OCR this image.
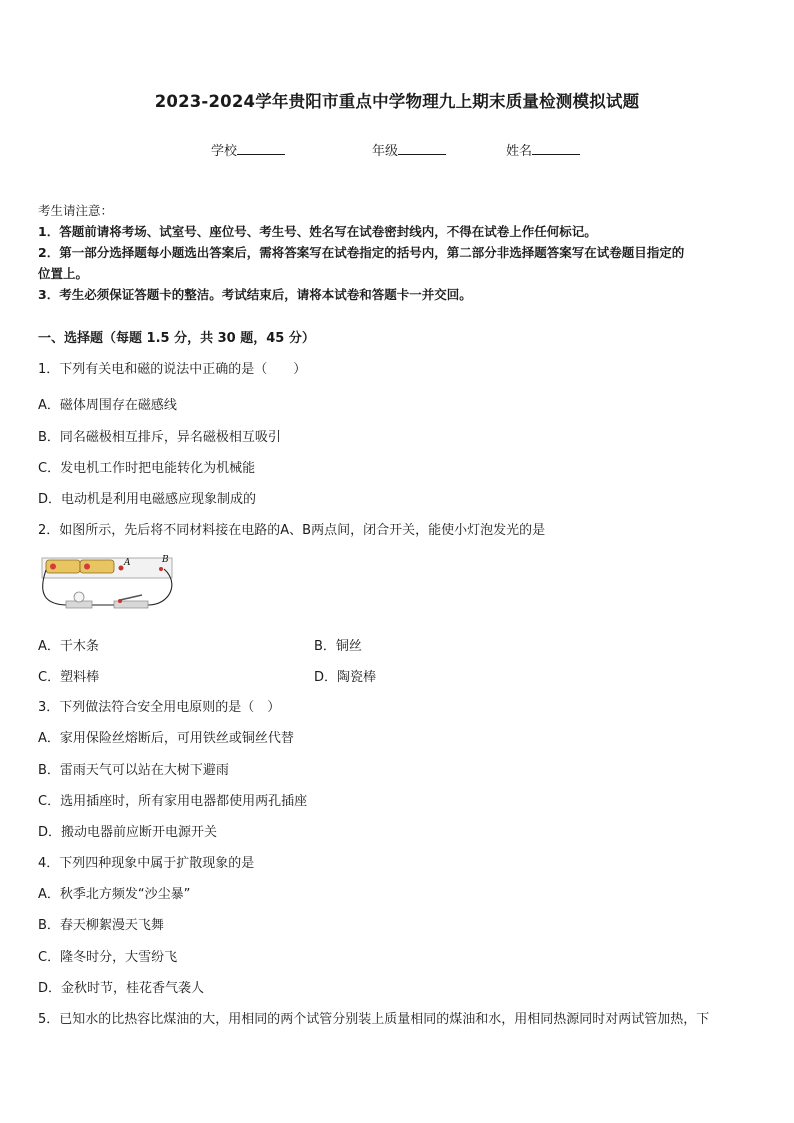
2023-2024学年贵阳市重点中学物理九上期末质量检测模拟试题
学校	年级	姓名
考生请注意：
1．答题前请将考场、试室号、座位号、考生号、姓名写在试卷密封线内，不得在试卷上作任何标记。
2．第一部分选择题每小题选出答案后，需将答案写在试卷指定的括号内，第二部分非选择题答案写在试卷题目指定的
位置上。
3．考生必须保证答题卡的整洁。考试结束后，请将本试卷和答题卡一并交回。
一、选择题（每题 1.5 分，共 30 题，45 分）
1．下列有关电和磁的说法中正确的是（　　）
A．磁体周围存在磁感线
B．同名磁极相互排斥，异名磁极相互吸引
C．发电机工作时把电能转化为机械能
D．电动机是利用电磁感应现象制成的
2．如图所示，先后将不同材料接在电路的A、B两点间，闭合开关，能使小灯泡发光的是
A	B
A．干木条	B．铜丝
C．塑料棒	D．陶瓷棒
3．下列做法符合安全用电原则的是（　）
A．家用保险丝熔断后，可用铁丝或铜丝代替
B．雷雨天气可以站在大树下避雨
C．选用插座时，所有家用电器都使用两孔插座
D．搬动电器前应断开电源开关
4．下列四种现象中属于扩散现象的是
A．秋季北方频发“沙尘暴”
B．春天柳絮漫天飞舞
C．隆冬时分，大雪纷飞
D．金秋时节，桂花香气袭人
5．已知水的比热容比煤油的大，用相同的两个试管分别装上质量相同的煤油和水，用相同热源同时对两试管加热，下
